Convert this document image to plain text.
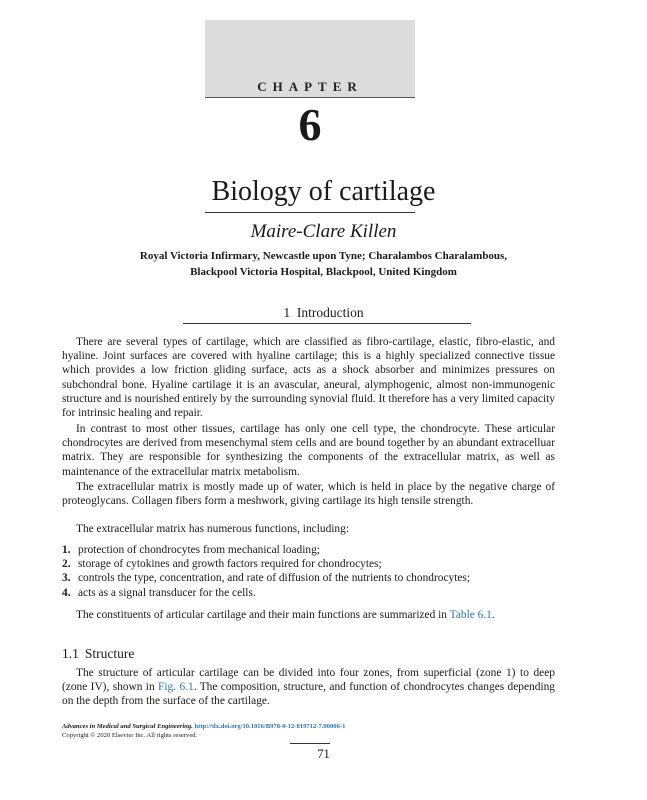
CHAPTER
6
Biology of cartilage
Maire-Clare Killen
Royal Victoria Infirmary, Newcastle upon Tyne; Charalambos Charalambous,
Blackpool Victoria Hospital, Blackpool, United Kingdom
1 Introduction

There are several types of cartilage, which are classified as fibro-cartilage, elastic, fibro-elastic, and hyaline. Joint surfaces are covered with hyaline cartilage; this is a highly specialized connective tissue which provides a low friction gliding surface, acts as a shock absorber and minimizes pressures on subchondral bone. Hyaline cartilage it is an avascular, aneural, alymphogenic, almost non-immunogenic structure and is nourished entirely by the surrounding synovial fluid. It therefore has a very limited capacity for intrinsic healing and repair.

In contrast to most other tissues, cartilage has only one cell type, the chondrocyte. These articular chondrocytes are derived from mesenchymal stem cells and are bound together by an abundant extracelluar matrix. They are responsible for synthesizing the components of the extracellular matrix, as well as maintenance of the extracellular matrix metabolism.

The extracellular matrix is mostly made up of water, which is held in place by the negative charge of proteoglycans. Collagen fibers form a meshwork, giving cartilage its high tensile strength.

The extracellular matrix has numerous functions, including:

1. protection of chondrocytes from mechanical loading;
2. storage of cytokines and growth factors required for chondrocytes;
3. controls the type, concentration, and rate of diffusion of the nutrients to chondrocytes;
4. acts as a signal transducer for the cells.

The constituents of articular cartilage and their main functions are summarized in Table 6.1.

1.1 Structure

The structure of articular cartilage can be divided into four zones, from superficial (zone 1) to deep (zone IV), shown in Fig. 6.1. The composition, structure, and function of chondrocytes changes depending on the depth from the surface of the cartilage.

Advances in Medical and Surgical Engineering. http://dx.doi.org/10.1016/B978-0-12-819712-7.00006-1
Copyright © 2020 Elsevier Inc. All rights reserved.
71
